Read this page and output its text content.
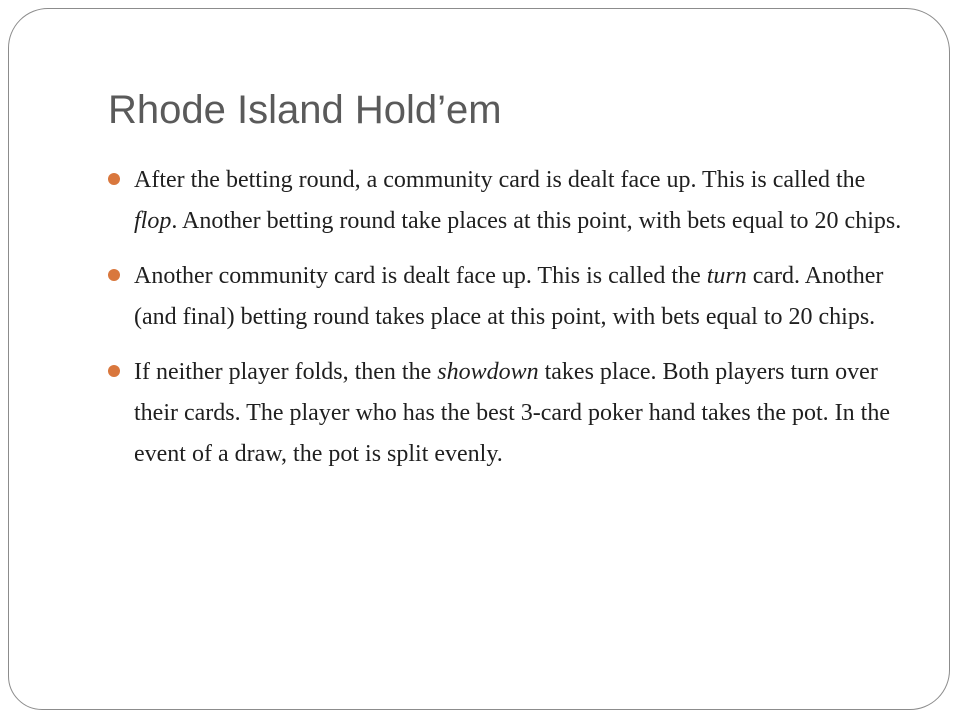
Rhode Island Hold’em
After the betting round, a community card is dealt face up. This is called the flop. Another betting round take places at this point, with bets equal to 20 chips.
Another community card is dealt face up. This is called the turn card. Another (and final) betting round takes place at this point, with bets equal to 20 chips.
If neither player folds, then the showdown takes place. Both players turn over their cards. The player who has the best 3-card poker hand takes the pot. In the event of a draw, the pot is split evenly.
